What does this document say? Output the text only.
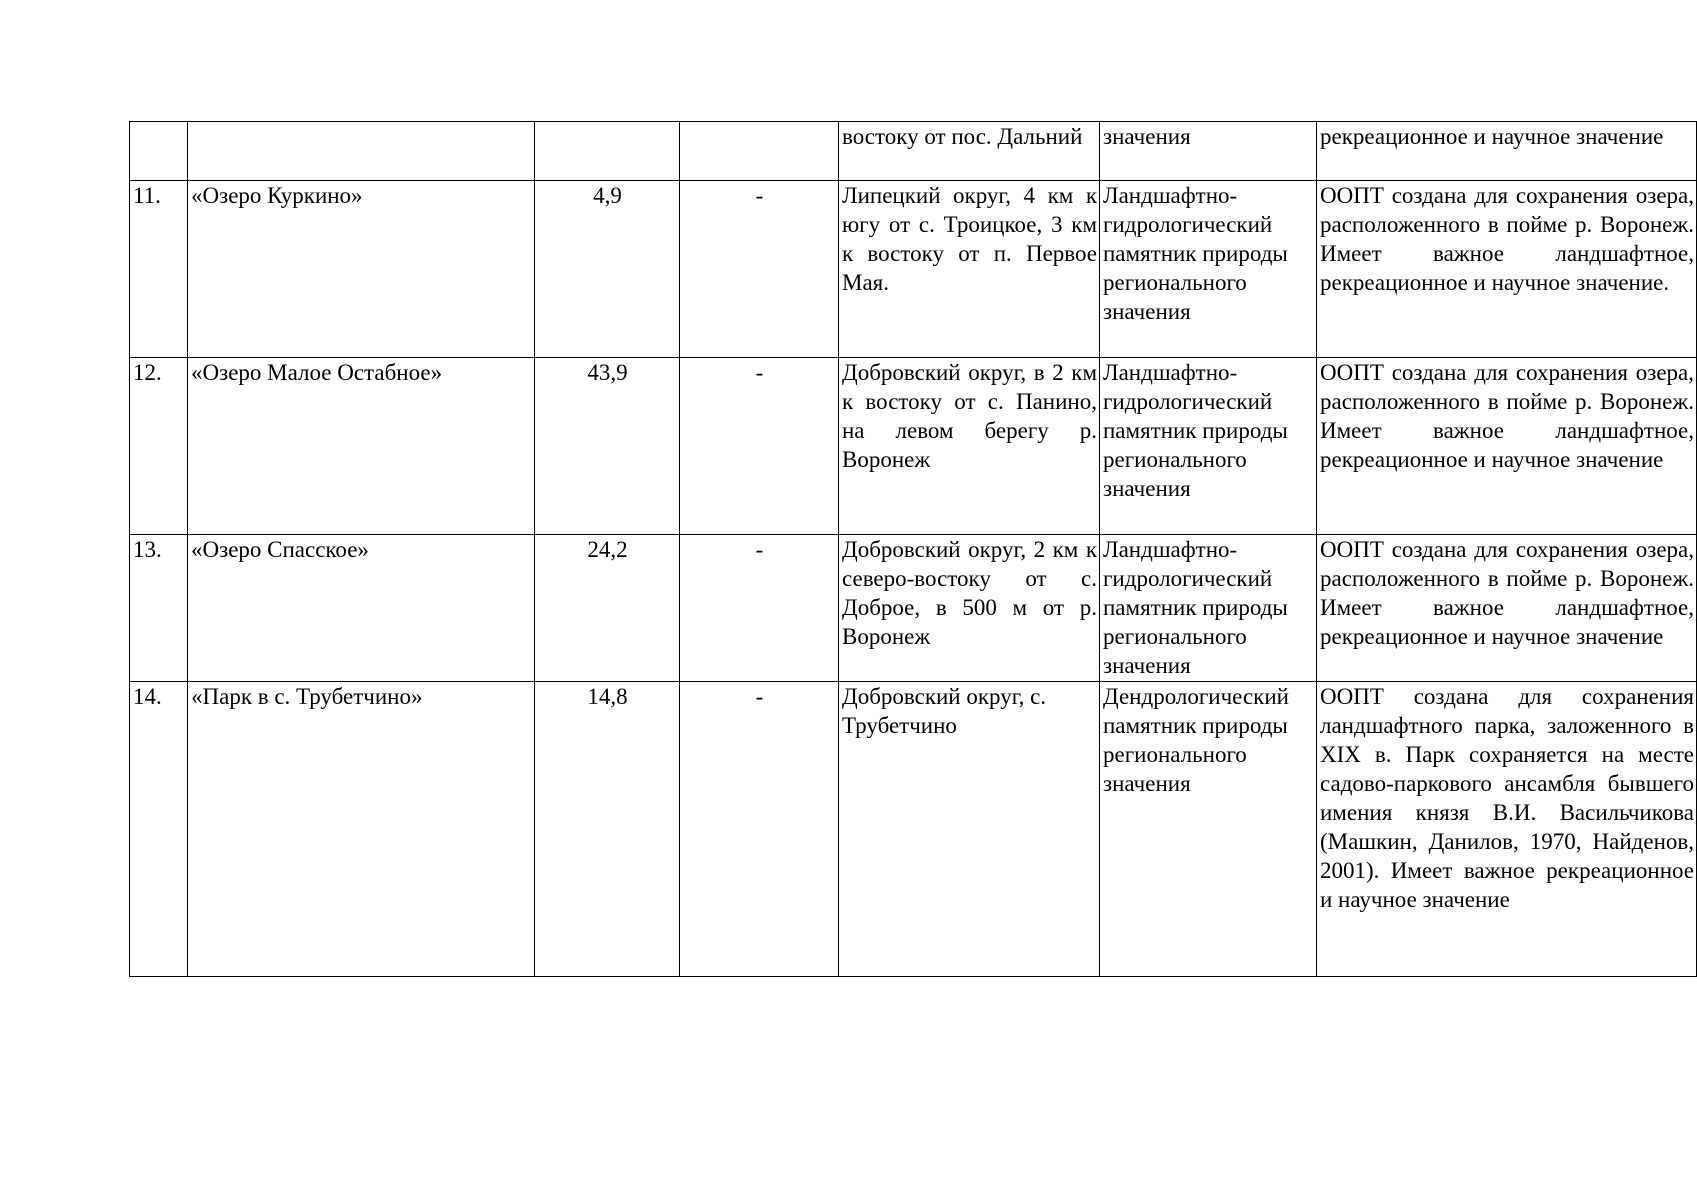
				востоку от пос. Дальний	значения	рекреационное и научное значение
11.	«Озеро Куркино»	4,9	-	Липецкий округ, 4 км к югу от с. Троицкое, 3 км к востоку от п. Первое Мая.	Ландшафтно-гидрологический памятник природы регионального значения	ООПТ создана для сохранения озера, расположенного в пойме р. Воронеж. Имеет важное ландшафтное, рекреационное и научное значение.
12.	«Озеро Малое Остабное»	43,9	-	Добровский округ, в 2 км к востоку от с. Панино, на левом берегу р. Воронеж	Ландшафтно-гидрологический памятник природы регионального значения	ООПТ создана для сохранения озера, расположенного в пойме р. Воронеж. Имеет важное ландшафтное, рекреационное и научное значение
13.	«Озеро Спасское»	24,2	-	Добровский округ, 2 км к северо-востоку от с. Доброе, в 500 м от р. Воронеж	Ландшафтно-гидрологический памятник природы регионального значения	ООПТ создана для сохранения озера, расположенного в пойме р. Воронеж. Имеет важное ландшафтное, рекреационное и научное значение
14.	«Парк в с. Трубетчино»	14,8	-	Добровский округ, с. Трубетчино	Дендрологический памятник природы регионального значения	ООПТ создана для сохранения ландшафтного парка, заложенного в XIX в. Парк сохраняется на месте садово-паркового ансамбля бывшего имения князя В.И. Васильчикова (Машкин, Данилов, 1970, Найденов, 2001). Имеет важное рекреационное и научное значение
